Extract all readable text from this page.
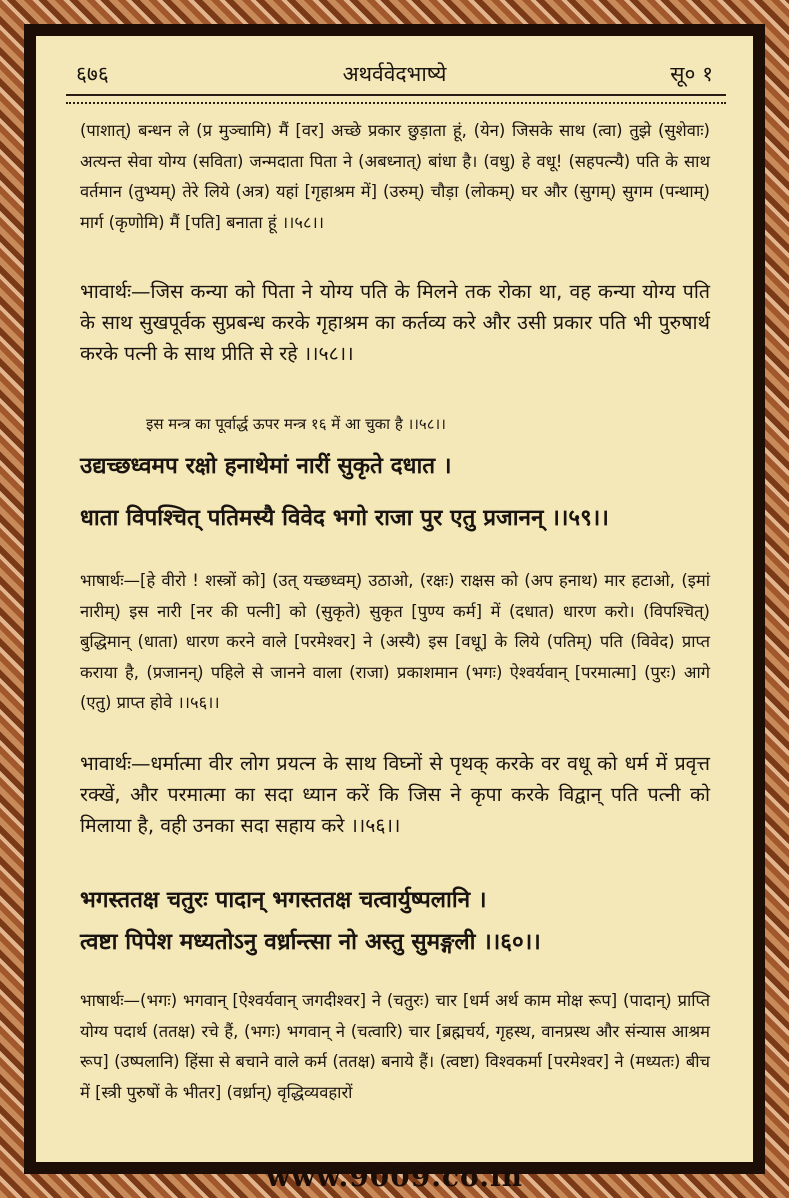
अथर्ववेदभाष्ये
६७६	सू० १
(पाशात्) बन्धन ले (प्र मुञ्चामि) मैं [वर] अच्छे प्रकार छुड़ाता हूं, (येन) जिसके साथ (त्वा) तुझे (सुशेवाः) अत्यन्त सेवा योग्य (सविता) जन्मदाता पिता ने (अबध्नात्) बांधा है। (वधु) हे वधू! (सहपत्न्यै) पति के साथ वर्तमान (तुभ्यम्) तेरे लिये (अत्र) यहां [गृहाश्रम में] (उरुम्) चौड़ा (लोकम्) घर और (सुगम्) सुगम (पन्थाम्) मार्ग (कृणोमि) मैं [पति] बनाता हूं ।।५८।।
भावार्थः—जिस कन्या को पिता ने योग्य पति के मिलने तक रोका था, वह कन्या योग्य पति के साथ सुखपूर्वक सुप्रबन्ध करके गृहाश्रम का कर्तव्य करे और उसी प्रकार पति भी पुरुषार्थ करके पत्नी के साथ प्रीति से रहे ।।५८।।
इस मन्त्र का पूर्वार्द्ध ऊपर मन्त्र १६ में आ चुका है ।।५८।।
उद्यच्छध्वमप रक्षो हनाथेमां नारीं सुकृते दधात ।
धाता विपश्चित् पतिमस्यै विवेद भगो राजा पुर एतु प्रजानन् ।।५९।।
भाषार्थः—[हे वीरो ! शस्त्रों को] (उत् यच्छध्वम्) उठाओ, (रक्षः) राक्षस को (अप हनाथ) मार हटाओ, (इमां नारीम्) इस नारी [नर की पत्नी] को (सुकृते) सुकृत [पुण्य कर्म] में (दधात) धारण करो। (विपश्चित्) बुद्धिमान् (धाता) धारण करने वाले [परमेश्वर] ने (अस्यै) इस [वधू] के लिये (पतिम्) पति (विवेद) प्राप्त कराया है, (प्रजानन्) पहिले से जानने वाला (राजा) प्रकाशमान (भगः) ऐश्वर्यवान् [परमात्मा] (पुरः) आगे (एतु) प्राप्त होवे ।।५६।।
भावार्थः—धर्मात्मा वीर लोग प्रयत्न के साथ विघ्नों से पृथक् करके वर वधू को धर्म में प्रवृत्त रक्खें, और परमात्मा का सदा ध्यान करें कि जिस ने कृपा करके विद्वान् पति पत्नी को मिलाया है, वही उनका सदा सहाय करे ।।५६।।
भगस्ततक्ष चतुरः पादान् भगस्ततक्ष चत्वार्युष्पलानि ।
त्वष्टा पिपेश मध्यतोऽनु वर्ध्रान्त्सा नो अस्तु सुमङ्गली ।।६०।।
भाषार्थः—(भगः) भगवान् [ऐश्वर्यवान् जगदीश्वर] ने (चतुरः) चार [धर्म अर्थ काम मोक्ष रूप] (पादान्) प्राप्ति योग्य पदार्थ (ततक्ष) रचे हैं, (भगः) भगवान् ने (चत्वारि) चार [ब्रह्मचर्य, गृहस्थ, वानप्रस्थ और संन्यास आश्रम रूप] (उष्पलानि) हिंसा से बचाने वाले कर्म (ततक्ष) बनाये हैं। (त्वष्टा) विश्वकर्मा [परमेश्वर] ने (मध्यतः) बीच में [स्त्री पुरुषों के भीतर] (वर्ध्रान्) वृद्धिव्यवहारों
www.9009.co.in
